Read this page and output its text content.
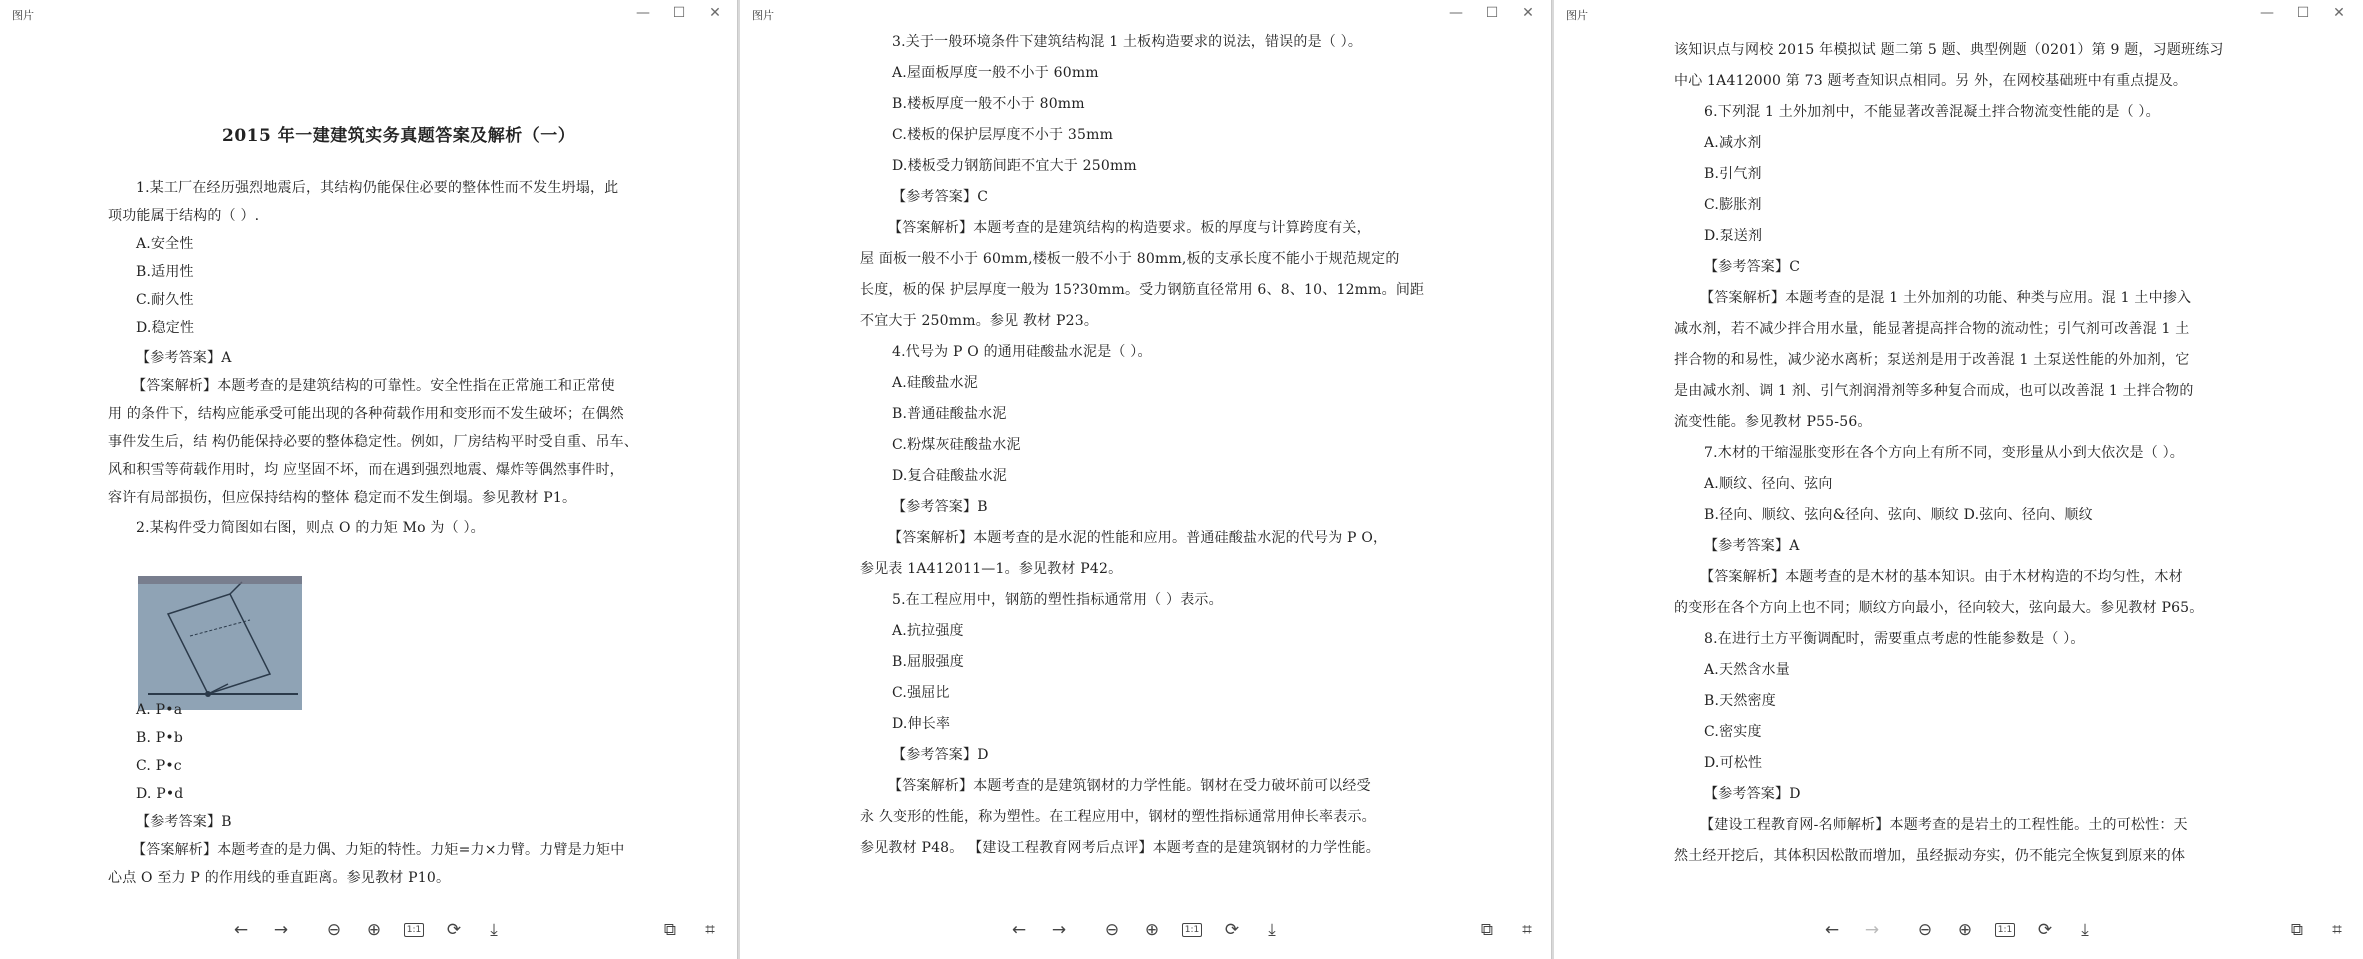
图片	—	☐	✕
2015 年一建建筑实务真题答案及解析（一）
1.某工厂在经历强烈地震后，其结构仍能保住必要的整体性而不发生坍塌，此
项功能属于结构的（ ）.
A.安全性
B.适用性
C.耐久性
D.稳定性
【参考答案】A
【答案解析】本题考查的是建筑结构的可靠性。安全性指在正常施工和正常使
用 的条件下，结构应能承受可能出现的各种荷载作用和变形而不发生破坏；在偶然
事件发生后，结 构仍能保持必要的整体稳定性。例如，厂房结构平时受自重、吊车、
风和积雪等荷载作用时，均 应坚固不坏，而在遇到强烈地震、爆炸等偶然事件时，
容许有局部损伤，但应保持结构的整体 稳定而不发生倒塌。参见教材 P1。
2.某构件受力简图如右图，则点 O 的力矩 Mo 为（ ）。
A. P•a
B. P•b
C. P•c
D. P•d
【参考答案】B
【答案解析】本题考查的是力偶、力矩的特性。力矩=力×力臂。力臂是力矩中
心点 O 至力 P 的作用线的垂直距离。参见教材 P10。
← → ⊖ ⊕	1:1 ⟳	⤓	⧉	⌗
图片	—	☐	✕
3.关于一般环境条件下建筑结构混 1 土板构造要求的说法，错误的是（ ）。
A.屋面板厚度一般不小于 60mm
B.楼板厚度一般不小于 80mm
C.楼板的保护层厚度不小于 35mm
D.楼板受力钢筋间距不宜大于 250mm
【参考答案】C
【答案解析】本题考查的是建筑结构的构造要求。板的厚度与计算跨度有关，
屋 面板一般不小于 60mm,楼板一般不小于 80mm,板的支承长度不能小于规范规定的
长度，板的保 护层厚度一般为 15?30mm。受力钢筋直径常用 6、8、10、12mm。间距
不宜大于 250mm。参见 教材 P23。
4.代号为 P O 的通用硅酸盐水泥是（ ）。
A.硅酸盐水泥
B.普通硅酸盐水泥
C.粉煤灰硅酸盐水泥
D.复合硅酸盐水泥
【参考答案】B
【答案解析】本题考查的是水泥的性能和应用。普通硅酸盐水泥的代号为 P O，
参见表 1A412011—1。参见教材 P42。
5.在工程应用中，钢筋的塑性指标通常用（ ）表示。
A.抗拉强度
B.屈服强度
C.强屈比
D.伸长率
【参考答案】D
【答案解析】本题考查的是建筑钢材的力学性能。钢材在受力破坏前可以经受
永 久变形的性能，称为塑性。在工程应用中，钢材的塑性指标通常用伸长率表示。
参见教材 P48。 【建设工程教育网考后点评】本题考查的是建筑钢材的力学性能。
← → ⊖ ⊕	1:1 ⟳	⤓	⧉	⌗
图片	—	☐	✕
该知识点与网校 2015 年模拟试 题二第 5 题、典型例题（0201）第 9 题，习题班练习
中心 1A412000 第 73 题考查知识点相同。另 外，在网校基础班中有重点提及。
6.下列混 1 土外加剂中，不能显著改善混凝土拌合物流变性能的是（ ）。
A.减水剂
B.引气剂
C.膨胀剂
D.泵送剂
【参考答案】C
【答案解析】本题考查的是混 1 土外加剂的功能、种类与应用。混 1 土中掺入
减水剂，若不减少拌合用水量，能显著提高拌合物的流动性；引气剂可改善混 1 土
拌合物的和易性，减少泌水离析；泵送剂是用于改善混 1 土泵送性能的外加剂，它
是由减水剂、调 1 剂、引气剂润滑剂等多种复合而成，也可以改善混 1 土拌合物的
流变性能。参见教材 P55-56。
7.木材的干缩湿胀变形在各个方向上有所不同，变形量从小到大依次是（ ）。
A.顺纹、径向、弦向
B.径向、顺纹、弦向&径向、弦向、顺纹 D.弦向、径向、顺纹
【参考答案】A
【答案解析】本题考查的是木材的基本知识。由于木材构造的不均匀性，木材
的变形在各个方向上也不同；顺纹方向最小，径向较大，弦向最大。参见教材 P65。
8.在进行土方平衡调配时，需要重点考虑的性能参数是（ ）。
A.天然含水量
B.天然密度
C.密实度
D.可松性
【参考答案】D
【建设工程教育网-名师解析】本题考查的是岩土的工程性能。土的可松性：天
然土经开挖后，其体积因松散而增加，虽经振动夯实，仍不能完全恢复到原来的体
← → ⊖ ⊕	1:1 ⟳	⤓	⧉	⌗
